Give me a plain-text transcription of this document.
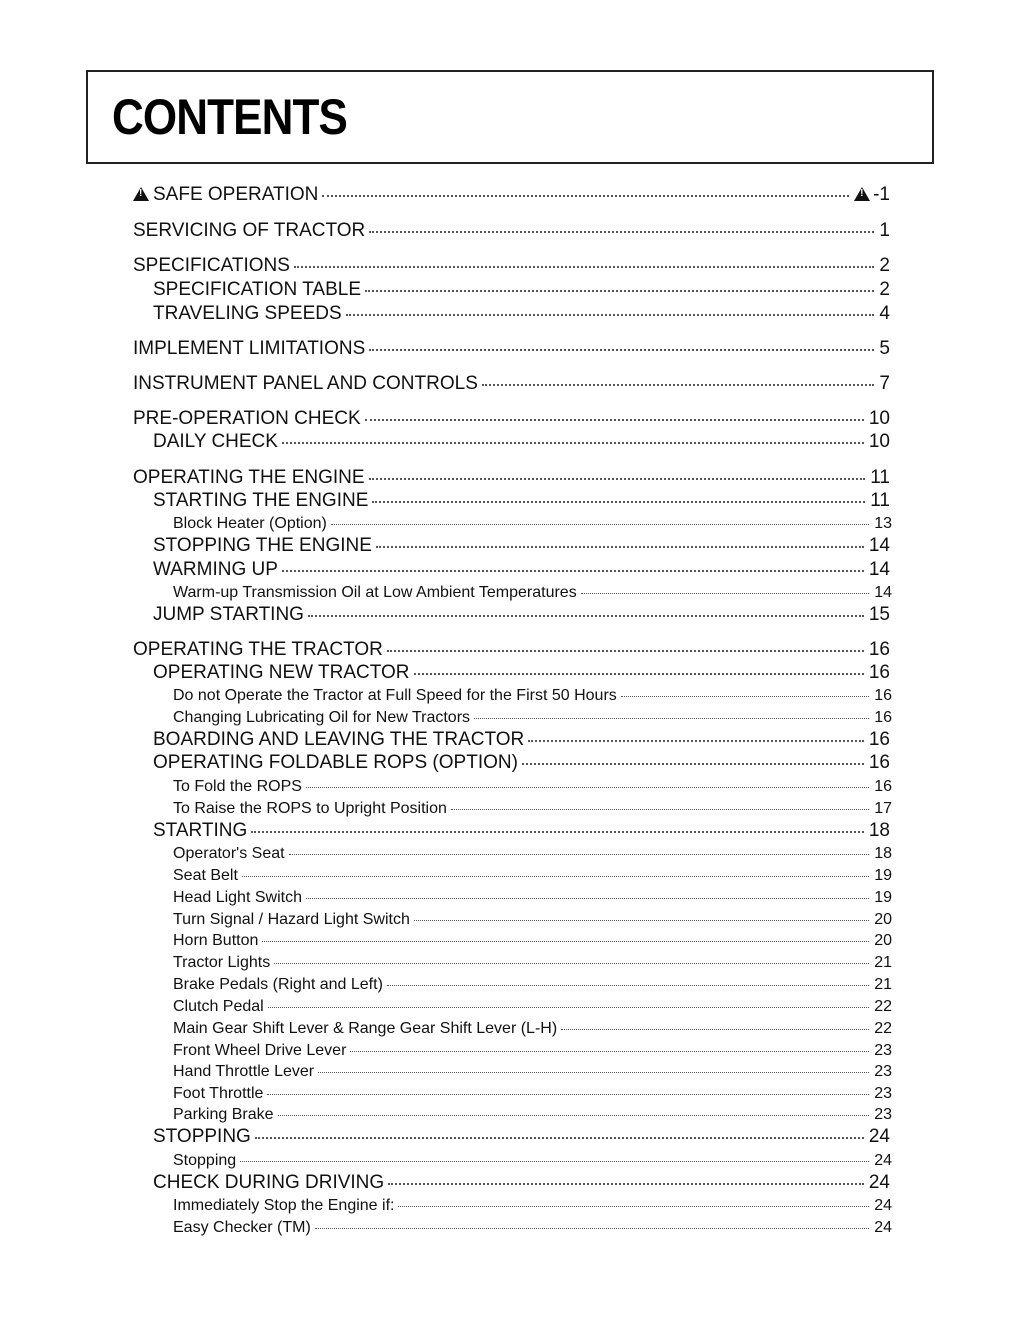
CONTENTS
!SAFE OPERATION !	-1
SERVICING OF TRACTOR	1
SPECIFICATIONS	2
SPECIFICATION TABLE	2
TRAVELING SPEEDS	4
IMPLEMENT LIMITATIONS	5
INSTRUMENT PANEL AND CONTROLS	7
PRE-OPERATION CHECK	10
DAILY CHECK	10
OPERATING THE ENGINE	11
STARTING THE ENGINE	11
Block Heater (Option)	13
STOPPING THE ENGINE	14
WARMING UP	14
Warm-up Transmission Oil at Low Ambient Temperatures	14
JUMP STARTING	15
OPERATING THE TRACTOR	16
OPERATING NEW TRACTOR	16
Do not Operate the Tractor at Full Speed for the First 50 Hours	16
Changing Lubricating Oil for New Tractors	16
BOARDING AND LEAVING THE TRACTOR	16
OPERATING FOLDABLE ROPS (OPTION)	16
To Fold the ROPS	16
To Raise the ROPS to Upright Position	17
STARTING	18
Operator's Seat	18
Seat Belt	19
Head Light Switch	19
Turn Signal / Hazard Light Switch	20
Horn Button	20
Tractor Lights	21
Brake Pedals (Right and Left)	21
Clutch Pedal	22
Main Gear Shift Lever & Range Gear Shift Lever (L-H)	22
Front Wheel Drive Lever	23
Hand Throttle Lever	23
Foot Throttle	23
Parking Brake	23
STOPPING	24
Stopping	24
CHECK DURING DRIVING	24
Immediately Stop the Engine if:	24
Easy Checker (TM)	24
